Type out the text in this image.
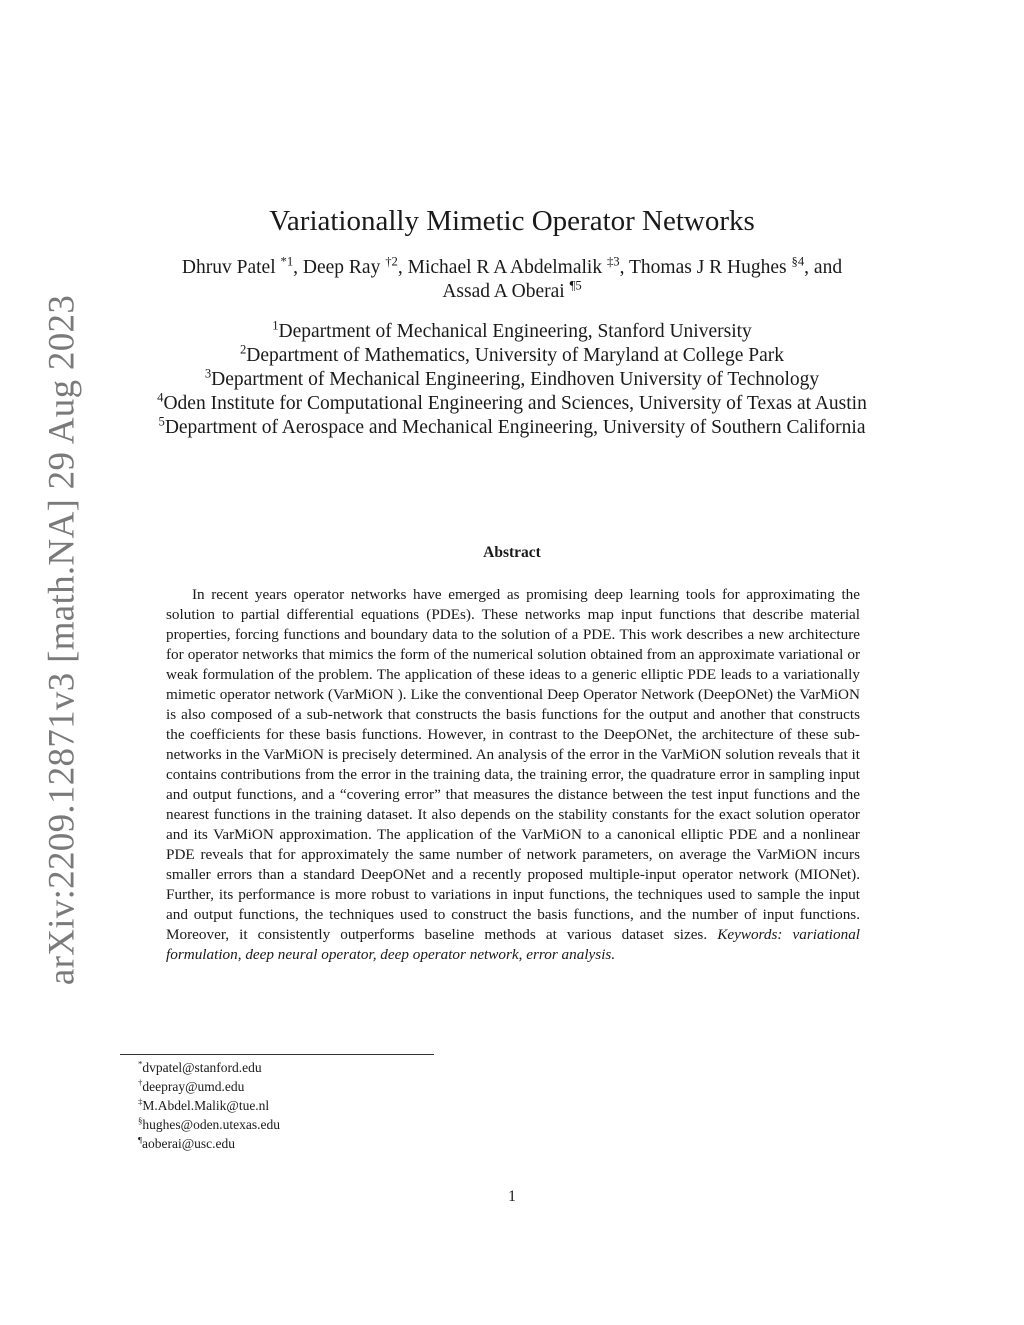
arXiv:2209.12871v3 [math.NA] 29 Aug 2023
Variationally Mimetic Operator Networks
Dhruv Patel $^{*1}$, Deep Ray $^{\dagger 2}$, Michael R A Abdelmalik $^{\ddagger 3}$, Thomas J R Hughes $^{\S 4}$, and
Assad A Oberai $^{\P 5}$
$^1$Department of Mechanical Engineering, Stanford University
$^2$Department of Mathematics, University of Maryland at College Park
$^3$Department of Mechanical Engineering, Eindhoven University of Technology
$^4$Oden Institute for Computational Engineering and Sciences, University of Texas at Austin
$^5$Department of Aerospace and Mechanical Engineering, University of Southern California
Abstract

In recent years operator networks have emerged as promising deep learning tools for approximating the solution to partial differential equations (PDEs). These networks map input functions that describe material properties, forcing functions and boundary data to the solution of a PDE. This work describes a new architecture for operator networks that mimics the form of the numerical solution obtained from an approximate variational or weak formulation of the problem. The application of these ideas to a generic elliptic PDE leads to a variationally mimetic operator network (VarMiON ). Like the conventional Deep Operator Network (DeepONet) the VarMiON is also composed of a sub-network that constructs the basis functions for the output and another that constructs the coefficients for these basis functions. However, in contrast to the DeepONet, the architecture of these sub-networks in the VarMiON is precisely determined. An analysis of the error in the VarMiON solution reveals that it contains contributions from the error in the training data, the training error, the quadrature error in sampling input and output functions, and a “covering error” that measures the distance between the test input functions and the nearest functions in the training dataset. It also depends on the stability constants for the exact solution operator and its VarMiON approximation. The application of the VarMiON to a canonical elliptic PDE and a nonlinear PDE reveals that for approximately the same number of network parameters, on average the VarMiON incurs smaller errors than a standard DeepONet and a recently proposed multiple-input operator network (MIONet). Further, its performance is more robust to variations in input functions, the techniques used to sample the input and output functions, the techniques used to construct the basis functions, and the number of input functions. Moreover, it consistently outperforms baseline methods at various dataset sizes. Keywords: variational formulation, deep neural operator, deep operator network, error analysis.

*dvpatel@stanford.edu
†deepray@umd.edu
‡M.Abdel.Malik@tue.nl
§hughes@oden.utexas.edu
¶aoberai@usc.edu
1
